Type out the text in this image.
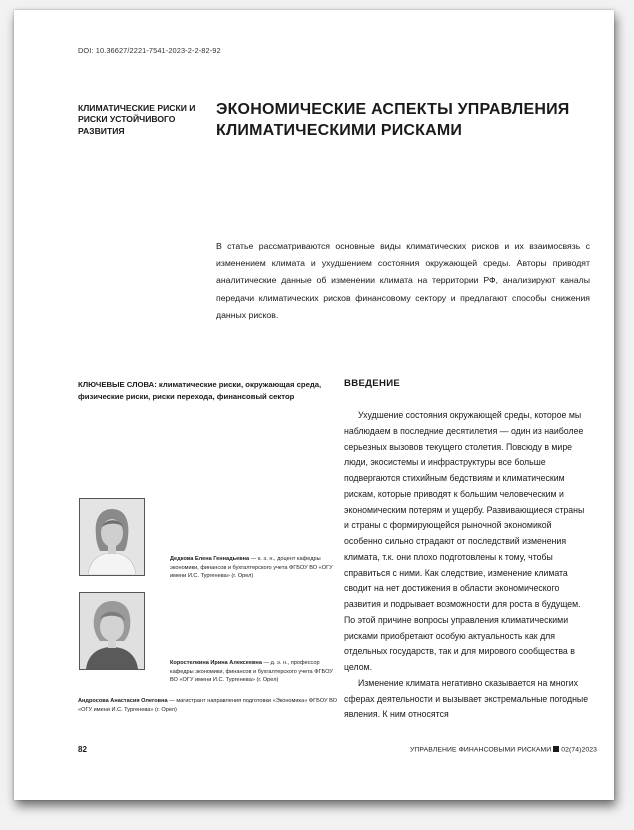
DOI: 10.36627/2221-7541-2023-2-2-82-92
КЛИМАТИЧЕСКИЕ РИСКИ И РИСКИ УСТОЙЧИВОГО РАЗВИТИЯ
ЭКОНОМИЧЕСКИЕ АСПЕКТЫ УПРАВЛЕНИЯ КЛИМАТИЧЕСКИМИ РИСКАМИ

В статье рассматриваются основные виды климатических рисков и их взаимосвязь с изменением климата и ухудшением состояния окружающей среды. Авторы приводят аналитические данные об изменении климата на территории РФ, анализируют каналы передачи климатических рисков финансовому сектору и предлагают способы снижения данных рисков.

КЛЮЧЕВЫЕ СЛОВА: климатические риски, окружающая среда, физические риски, риски перехода, финансовый сектор
ВВЕДЕНИЕ

Ухудшение состояния окружающей среды, которое мы наблюдаем в последние десятилетия — один из наиболее серьезных вызовов текущего столетия. Повсюду в мире люди, экосистемы и инфраструктуры все больше подвергаются стихийным бедствиям и климатическим рискам, которые приводят к большим человеческим и экономическим потерям и ущербу. Развивающиеся страны и страны с формирующейся рыночной экономикой особенно сильно страдают от последствий изменения климата, т.к. они плохо подготовлены к тому, чтобы справиться с ними. Как следствие, изменение климата сводит на нет достижения в области экономического развития и подрывает возможности для роста в будущем. По этой причине вопросы управления климатическими рисками приобретают особую актуальность как для отдельных государств, так и для мирового сообщества в целом.

Изменение климата негативно сказывается на многих сферах деятельности и вызывает экстремальные погодные явления. К ним относятся

Дедкова Елена Геннадьевна — к. э. н., доцент кафедры экономики, финансов и бухгалтерского учета ФГБОУ ВО «ОГУ имени И.С. Тургенева» (г. Орел)
Коростелкина Ирина Алексеевна — д. э. н., профессор кафедры экономики, финансов и бухгалтерского учета ФГБОУ ВО «ОГУ имени И.С. Тургенева» (г. Орел)
Андросова Анастасия Олеговна — магистрант направления подготовки «Экономика» ФГБОУ ВО «ОГУ имени И.С. Тургенева» (г. Орел)
82	УПРАВЛЕНИЕ ФИНАНСОВЫМИ РИСКАМИ 02(74)2023
